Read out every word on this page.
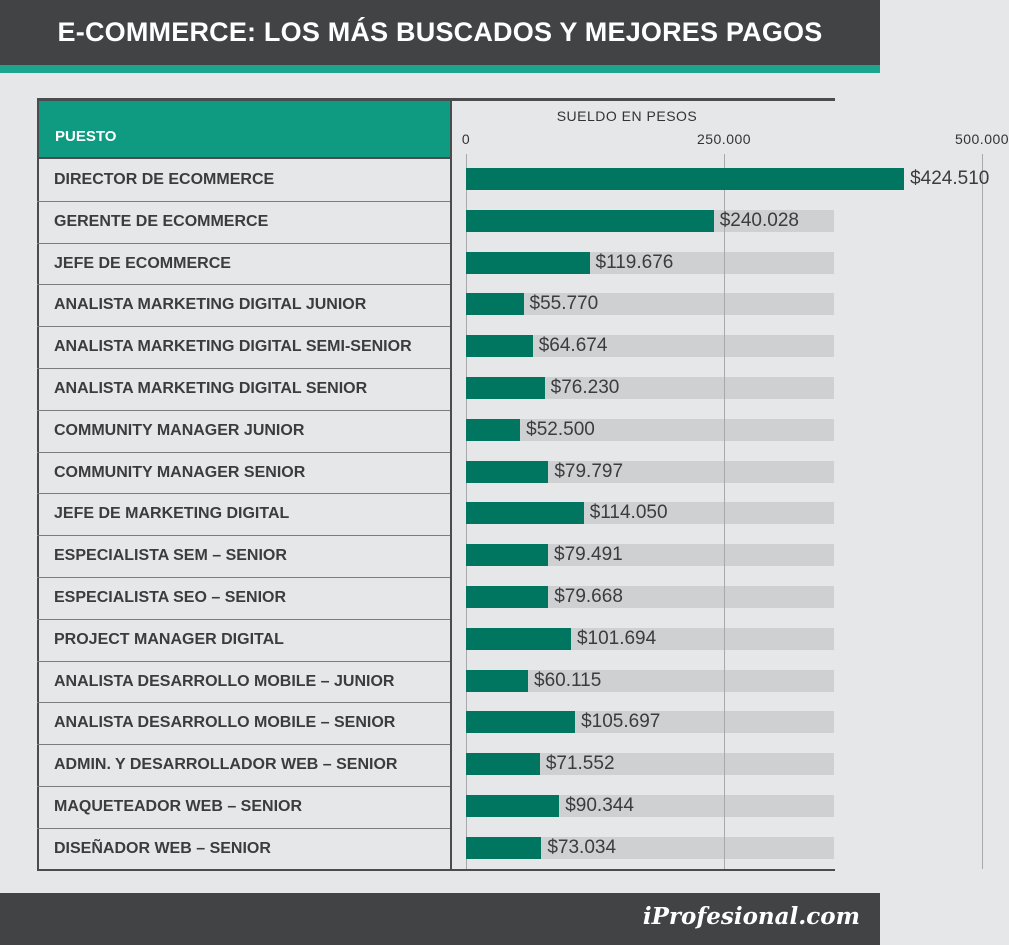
E-COMMERCE: LOS MÁS BUSCADOS Y MEJORES PAGOS
PUESTO
SUELDO EN PESOS
0	250.000	500.000
DIRECTOR DE ECOMMERCE	$424.510
GERENTE DE ECOMMERCE	$240.028
JEFE DE ECOMMERCE	$119.676
ANALISTA MARKETING DIGITAL JUNIOR	$55.770
ANALISTA MARKETING DIGITAL SEMI-SENIOR	$64.674
ANALISTA MARKETING DIGITAL SENIOR	$76.230
COMMUNITY MANAGER JUNIOR	$52.500
COMMUNITY MANAGER SENIOR	$79.797
JEFE DE MARKETING DIGITAL	$114.050
ESPECIALISTA SEM – SENIOR	$79.491
ESPECIALISTA SEO – SENIOR	$79.668
PROJECT MANAGER DIGITAL	$101.694
ANALISTA DESARROLLO MOBILE – JUNIOR	$60.115
ANALISTA DESARROLLO MOBILE – SENIOR	$105.697
ADMIN. Y DESARROLLADOR WEB – SENIOR	$71.552
MAQUETEADOR WEB – SENIOR	$90.344
DISEÑADOR WEB – SENIOR	$73.034
iProfesional.com
